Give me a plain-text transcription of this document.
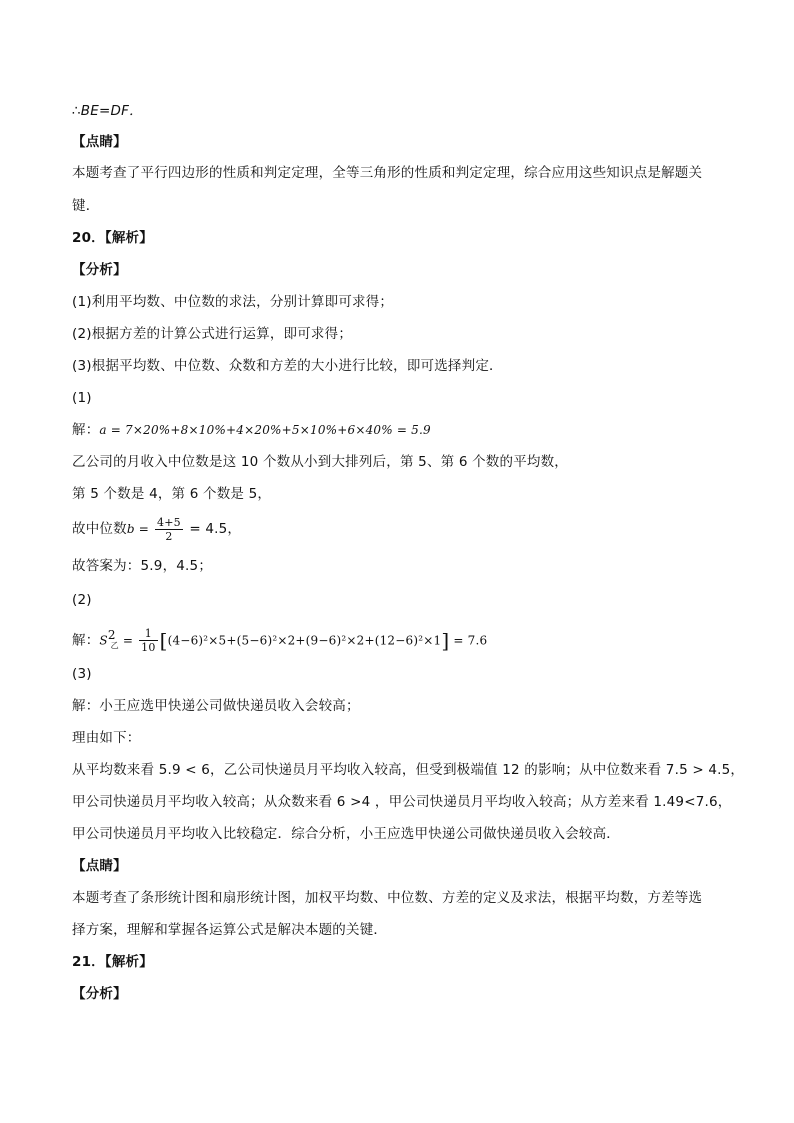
∴BE=DF．
【点睛】
本题考查了平行四边形的性质和判定定理，全等三角形的性质和判定定理，综合应用这些知识点是解题关
键．
20．【解析】
【分析】
(1)利用平均数、中位数的求法，分别计算即可求得；
(2)根据方差的计算公式进行运算，即可求得；
(3)根据平均数、中位数、众数和方差的大小进行比较，即可选择判定．
(1)
解：a = 7×20%+8×10%+4×20%+5×10%+6×40% = 5.9
乙公司的月收入中位数是这 10 个数从小到大排列后，第 5、第 6 个数的平均数，
第 5 个数是 4，第 6 个数是 5，
故中位数$b = \frac{4+5}{2} = 4.5$，
故答案为：5.9，4.5；
(2)
解：$S^2_乙 = \frac{1}{10} [(4-6)^2\times 5+(5-6)^2\times 2+(9-6)^2\times 2+(12-6)^2\times 1] = 7.6$
(3)
解：小王应选甲快递公司做快递员收入会较高；
理由如下：
从平均数来看 5.9 < 6，乙公司快递员月平均收入较高，但受到极端值 12 的影响；从中位数来看 7.5 > 4.5，
甲公司快递员月平均收入较高；从众数来看 6 >4 ，甲公司快递员月平均收入较高；从方差来看 1.49<7.6，
甲公司快递员月平均收入比较稳定．综合分析，小王应选甲快递公司做快递员收入会较高．
【点睛】
本题考查了条形统计图和扇形统计图，加权平均数、中位数、方差的定义及求法，根据平均数，方差等选
择方案，理解和掌握各运算公式是解决本题的关键．
21．【解析】
【分析】
